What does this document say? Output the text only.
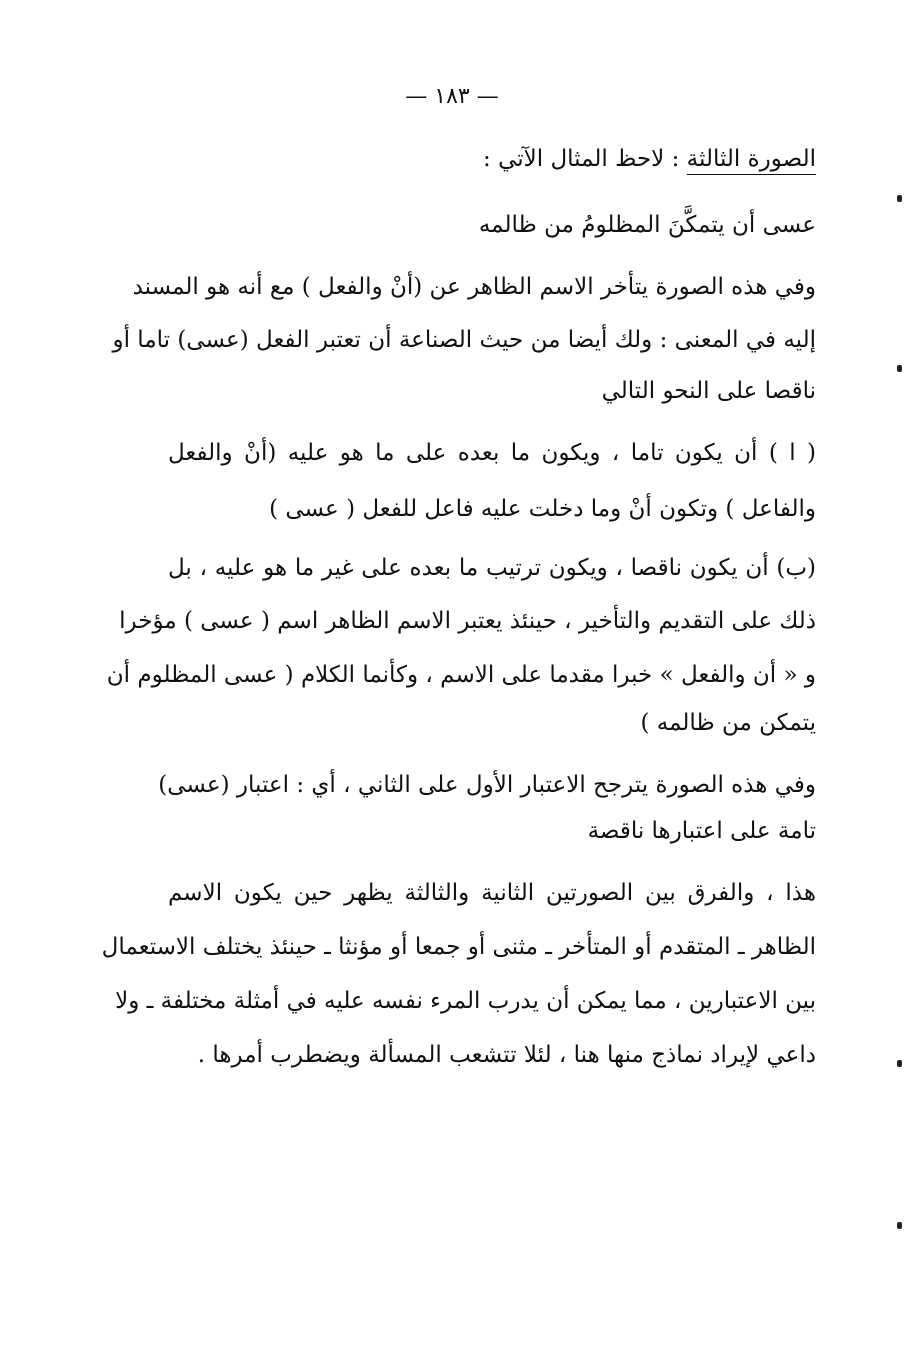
— ١٨٣ —
الصورة الثالثة : لاحظ المثال الآتي :
عسى أن يتمكَّنَ المظلومُ من ظالمه
وفي هذه الصورة يتأخر الاسم الظاهر عن (أنْ والفعل ) مع أنه هو المسند
إليه في المعنى : ولك أيضا من حيث الصناعة أن تعتبر الفعل (عسى) تاما أو
ناقصا على النحو التالي
( ا ) أن يكون تاما ، ويكون ما بعده على ما هو عليه (أنْ والفعل
والفاعل ) وتكون أنْ وما دخلت عليه فاعل للفعل ( عسى )
(ب) أن يكون ناقصا ، ويكون ترتيب ما بعده على غير ما هو عليه ، بل
ذلك على التقديم والتأخير ، حينئذ يعتبر الاسم الظاهر اسم ( عسى ) مؤخرا
و « أن والفعل » خبرا مقدما على الاسم ، وكأنما الكلام ( عسى المظلوم أن
يتمكن من ظالمه )
وفي هذه الصورة يترجح الاعتبار الأول على الثاني ، أي : اعتبار (عسى)
تامة على اعتبارها ناقصة
هذا ، والفرق بين الصورتين الثانية والثالثة يظهر حين يكون الاسم
الظاهر ـ المتقدم أو المتأخر ـ مثنى أو جمعا أو مؤنثا ـ حينئذ يختلف الاستعمال
بين الاعتبارين ، مما يمكن أن يدرب المرء نفسه عليه في أمثلة مختلفة ـ ولا
داعي لإيراد نماذج منها هنا ، لئلا تتشعب المسألة ويضطرب أمرها .
